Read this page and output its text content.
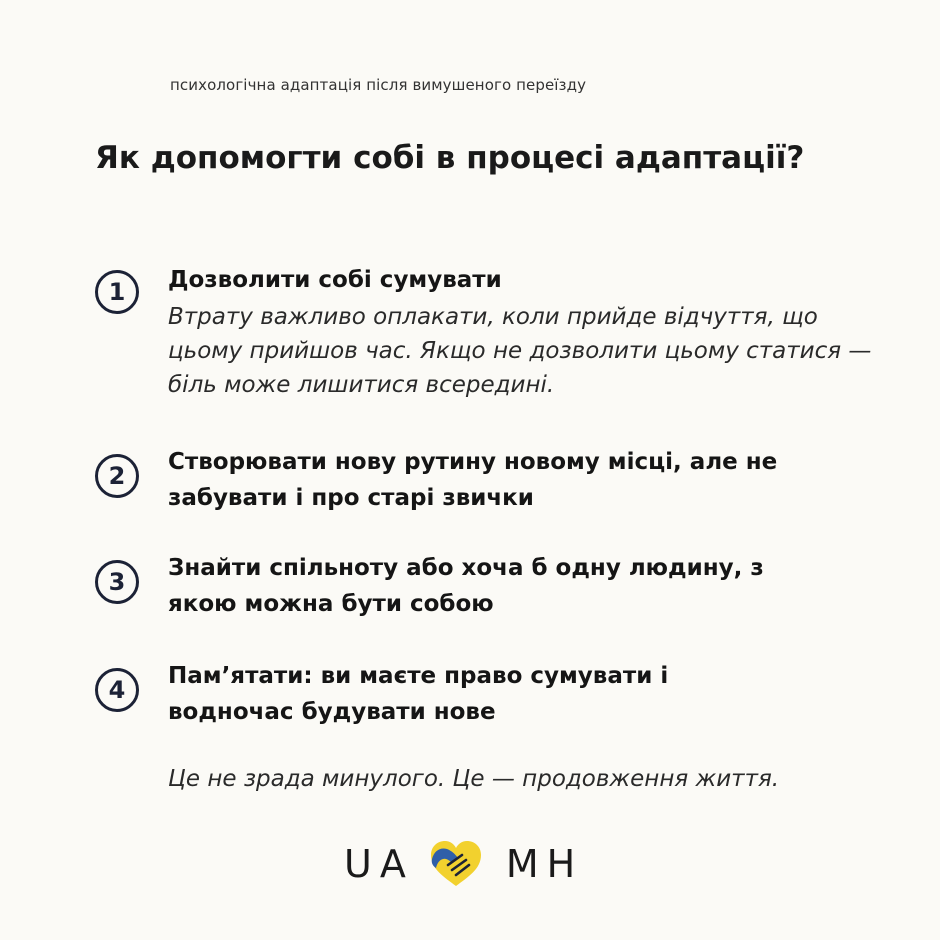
психологічна адаптація після вимушеного переїзду
Як допомогти собі в процесі адаптації?
1	Дозволити собі сумувати
Втрату важливо оплакати, коли прийде відчуття, що цьому прийшов час. Якщо не дозволити цьому статися — біль може лишитися всередині.
2	Створювати нову рутину новому місці, але не забувати і про старі звички
3	Знайти спільноту або хоча б одну людину, з якою можна бути собою
4	Пам’ятати: ви маєте право сумувати і водночас будувати нове
Це не зрада минулого. Це — продовження життя.
UA MH
